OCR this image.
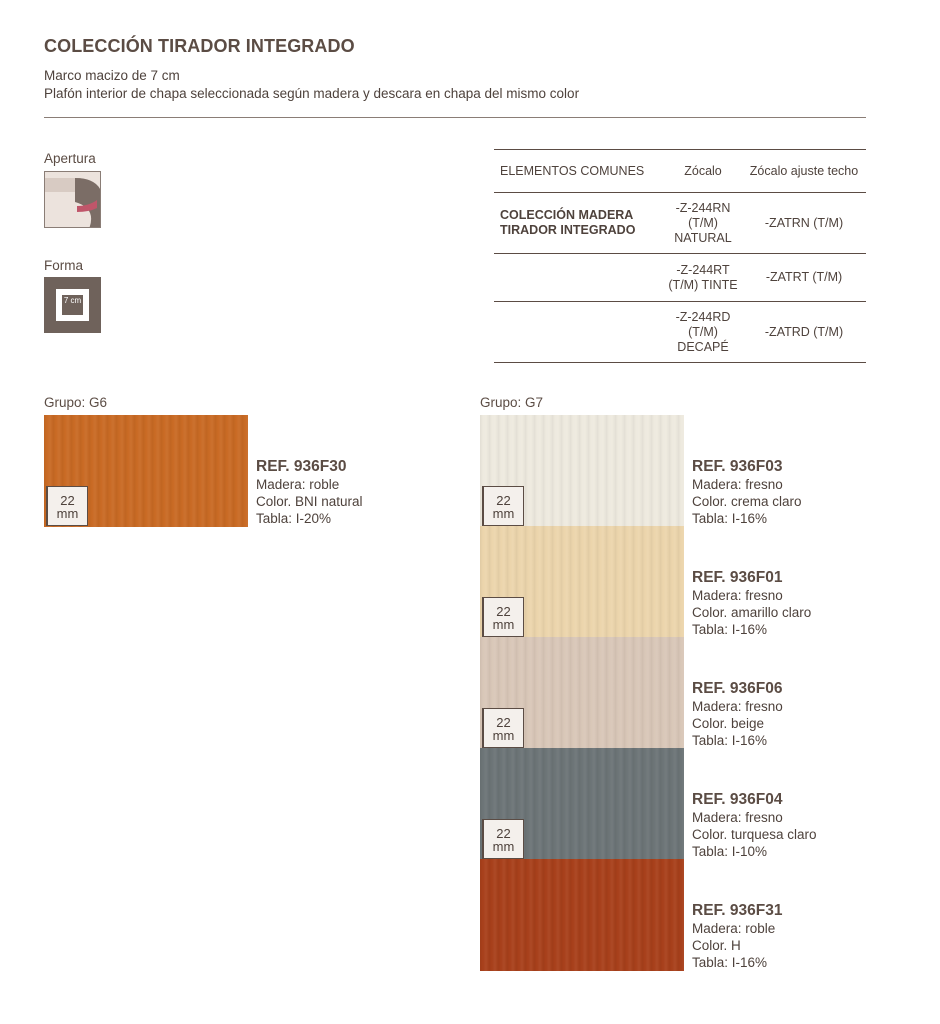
COLECCIÓN TIRADOR INTEGRADO
Marco macizo de 7 cm
Plafón interior de chapa seleccionada según madera y descara en chapa del mismo color
Apertura
Forma
7 cm
ELEMENTOS COMUNES	Zócalo	Zócalo ajuste techo
COLECCIÓN MADERA TIRADOR INTEGRADO	-Z-244RN (T/M) NATURAL	-ZATRN (T/M)
	-Z-244RT (T/M) TINTE	-ZATRT (T/M)
	-Z-244RD (T/M) DECAPÉ	-ZATRD (T/M)
Grupo: G6	Grupo: G7
22
mm
REF. 936F30
Madera: roble
Color. BNI natural
Tabla: I-20%
22
mm
REF. 936F03
Madera: fresno
Color. crema claro
Tabla: I-16%
22
mm
REF. 936F01
Madera: fresno
Color. amarillo claro
Tabla: I-16%
22
mm
REF. 936F06
Madera: fresno
Color. beige
Tabla: I-16%
22
mm
REF. 936F04
Madera: fresno
Color. turquesa claro
Tabla: I-10%
REF. 936F31
Madera: roble
Color. H
Tabla: I-16%
